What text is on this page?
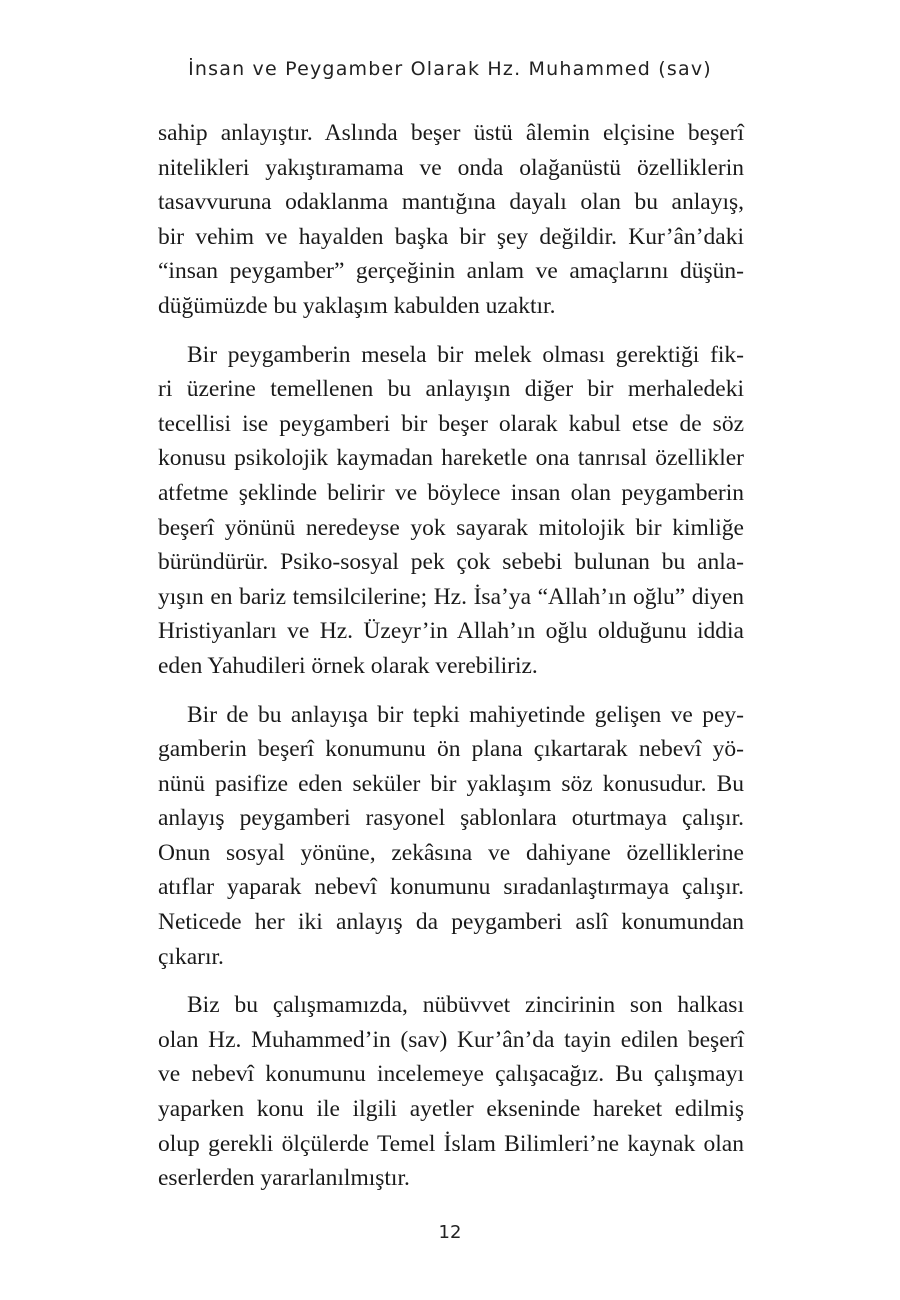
İnsan ve Peygamber Olarak Hz. Muhammed (sav)
sahip anlayıştır. Aslında beşer üstü âlemin elçisine beşerî
nitelikleri yakıştıramama ve onda olağanüstü özelliklerin
tasavvuruna odaklanma mantığına dayalı olan bu anlayış,
bir vehim ve hayalden başka bir şey değildir. Kur’ân’daki
“insan peygamber” gerçeğinin anlam ve amaçlarını düşün-
düğümüzde bu yaklaşım kabulden uzaktır.
Bir peygamberin mesela bir melek olması gerektiği fik-
ri üzerine temellenen bu anlayışın diğer bir merhaledeki
tecellisi ise peygamberi bir beşer olarak kabul etse de söz
konusu psikolojik kaymadan hareketle ona tanrısal özellikler
atfetme şeklinde belirir ve böylece insan olan peygamberin
beşerî yönünü neredeyse yok sayarak mitolojik bir kimliğe
büründürür. Psiko-sosyal pek çok sebebi bulunan bu anla-
yışın en bariz temsilcilerine; Hz. İsa’ya “Allah’ın oğlu” diyen
Hristiyanları ve Hz. Üzeyr’in Allah’ın oğlu olduğunu iddia
eden Yahudileri örnek olarak verebiliriz.
Bir de bu anlayışa bir tepki mahiyetinde gelişen ve pey-
gamberin beşerî konumunu ön plana çıkartarak nebevî yö-
nünü pasifize eden seküler bir yaklaşım söz konusudur. Bu
anlayış peygamberi rasyonel şablonlara oturtmaya çalışır.
Onun sosyal yönüne, zekâsına ve dahiyane özelliklerine
atıflar yaparak nebevî konumunu sıradanlaştırmaya çalışır.
Neticede her iki anlayış da peygamberi aslî konumundan
çıkarır.
Biz bu çalışmamızda, nübüvvet zincirinin son halkası
olan Hz. Muhammed’in (sav) Kur’ân’da tayin edilen beşerî
ve nebevî konumunu incelemeye çalışacağız. Bu çalışmayı
yaparken konu ile ilgili ayetler ekseninde hareket edilmiş
olup gerekli ölçülerde Temel İslam Bilimleri’ne kaynak olan
eserlerden yararlanılmıştır.
12
